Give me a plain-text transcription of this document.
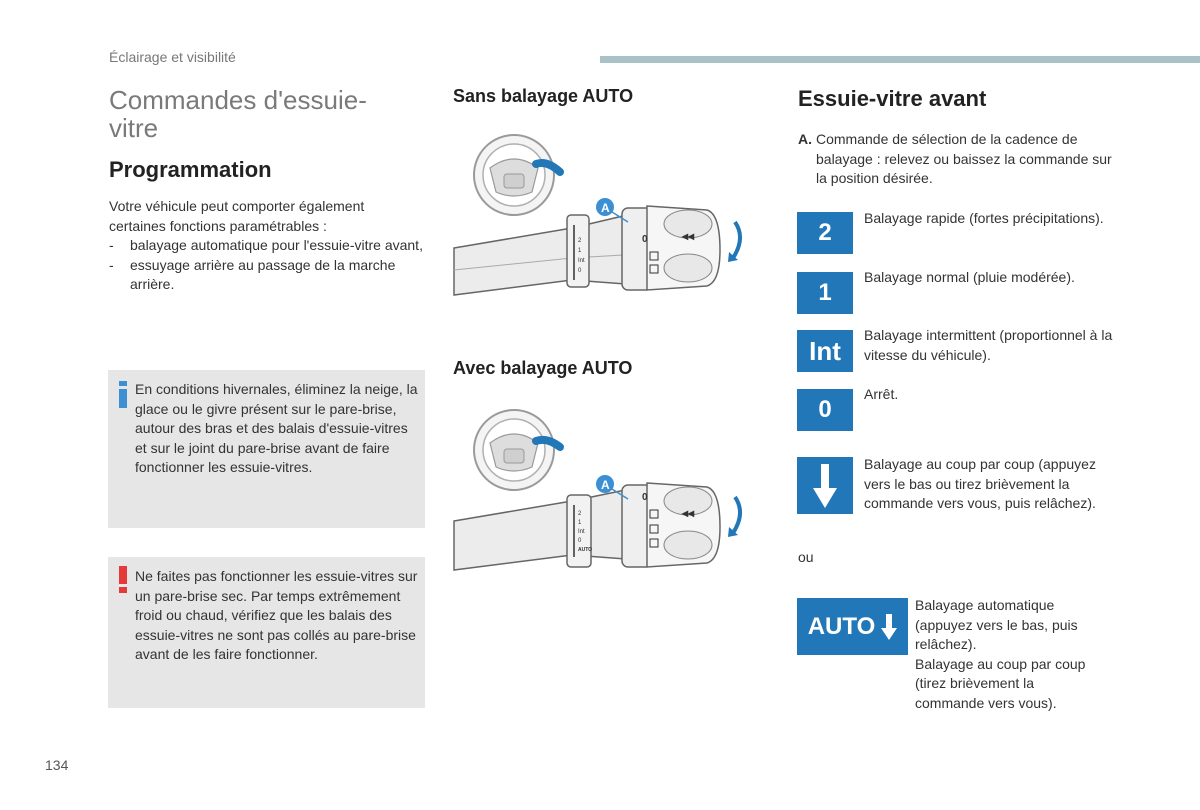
Éclairage et visibilité
Commandes d'essuie-vitre
Programmation

Votre véhicule peut comporter également certaines fonctions paramétrables :

- balayage automatique pour l'essuie-vitre avant,
- essuyage arrière au passage de la marche arrière.
En conditions hivernales, éliminez la neige, la glace ou le givre présent sur le pare-brise, autour des bras et des balais d'essuie-vitres et sur le joint du pare-brise avant de faire fonctionner les essuie-vitres.
Ne faites pas fonctionner les essuie-vitres sur un pare-brise sec. Par temps extrêmement froid ou chaud, vérifiez que les balais des essuie-vitres ne sont pas collés au pare-brise avant de les faire fonctionner.
Sans balayage AUTO
2
1
Int
0
0	◂◂
A
Avec balayage AUTO
2
1
Int
0
AUTO
0
◂◂
A
Essuie-vitre avant

A. Commande de sélection de la cadence de balayage : relevez ou baissez la commande sur la position désirée.

2

Balayage rapide (fortes précipitations).

1

Balayage normal (pluie modérée).

Int

Balayage intermittent (proportionnel à la vitesse du véhicule).

0

Arrêt.

Balayage au coup par coup (appuyez vers le bas ou tirez brièvement la commande vers vous, puis relâchez).

ou
AUTO

Balayage automatique (appuyez vers le bas, puis relâchez).

Balayage au coup par coup (tirez brièvement la commande vers vous).

134
